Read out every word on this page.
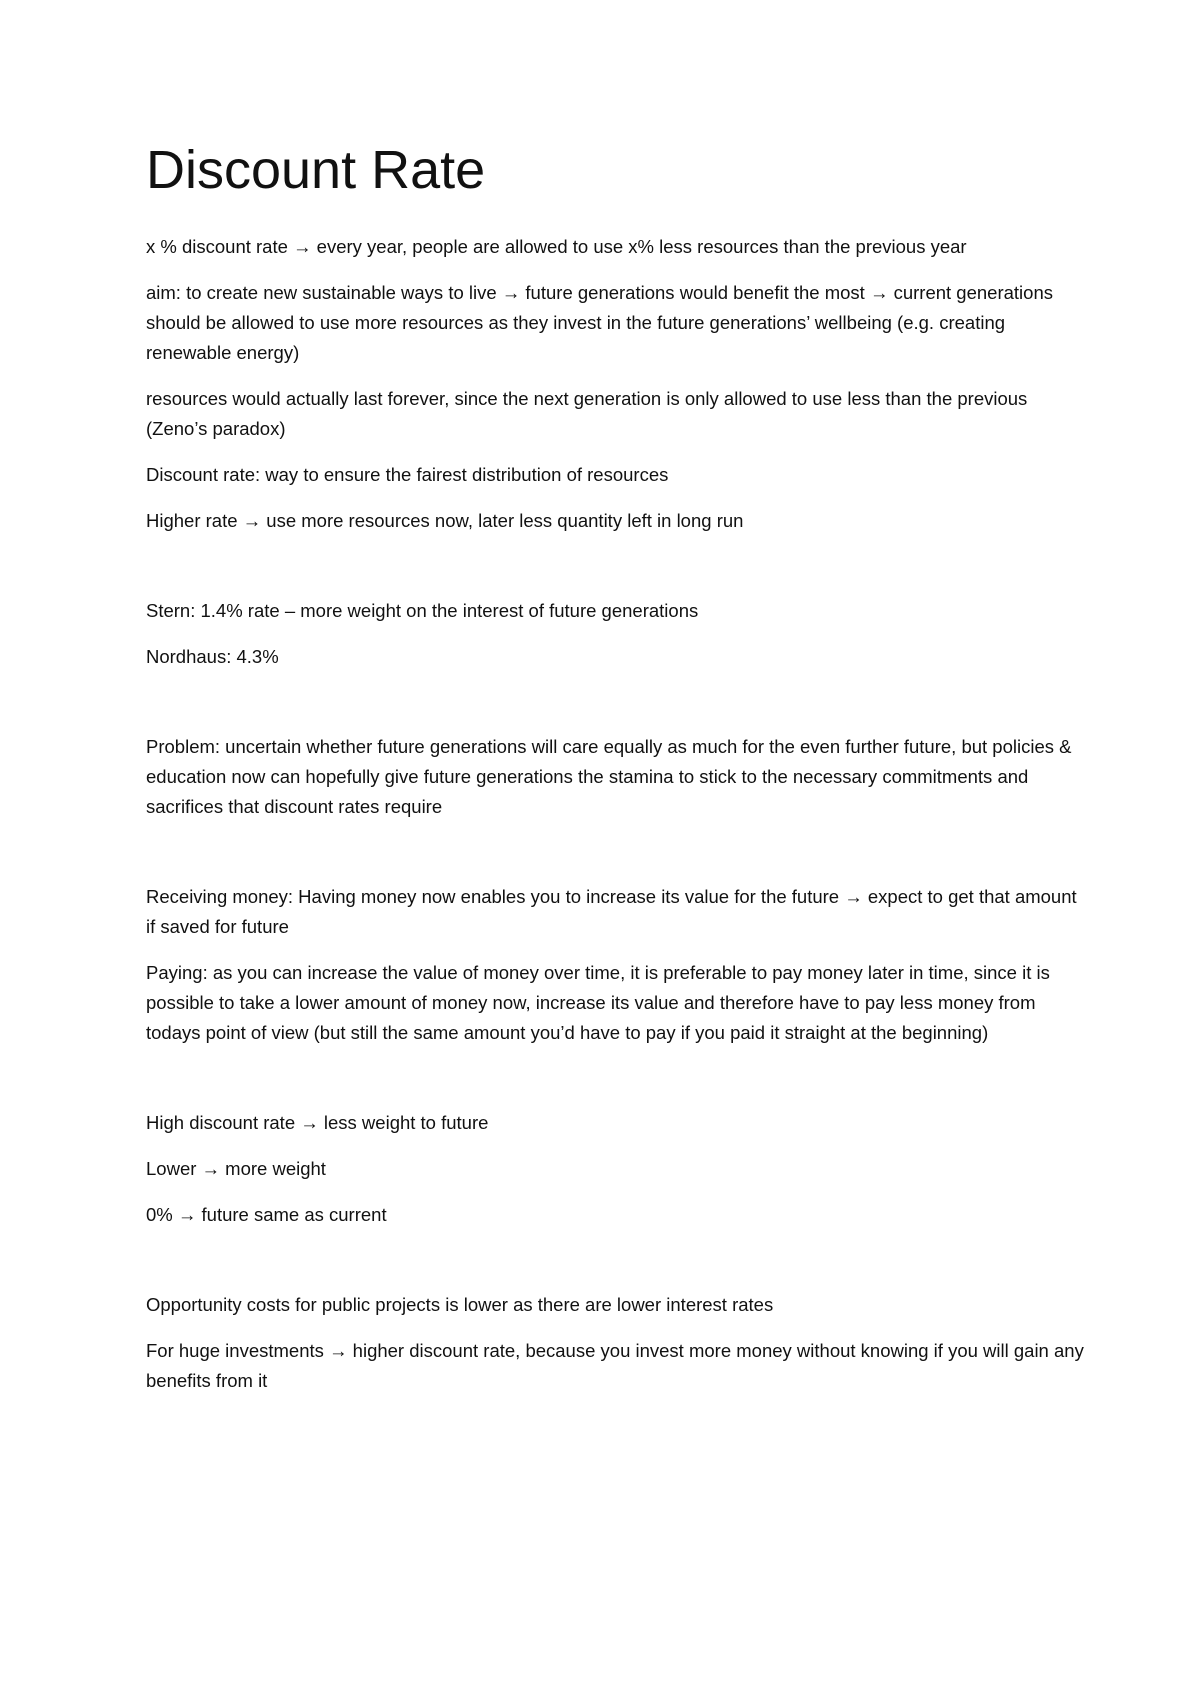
Discount Rate

x % discount rate → every year, people are allowed to use x% less resources than the previous year

aim: to create new sustainable ways to live → future generations would benefit the most → current generations should be allowed to use more resources as they invest in the future generations’ wellbeing (e.g. creating renewable energy)

resources would actually last forever, since the next generation is only allowed to use less than the previous (Zeno’s paradox)

Discount rate: way to ensure the fairest distribution of resources

Higher rate → use more resources now, later less quantity left in long run

Stern: 1.4% rate – more weight on the interest of future generations

Nordhaus: 4.3%

Problem: uncertain whether future generations will care equally as much for the even further future, but policies & education now can hopefully give future generations the stamina to stick to the necessary commitments and sacrifices that discount rates require

Receiving money: Having money now enables you to increase its value for the future → expect to get that amount if saved for future

Paying: as you can increase the value of money over time, it is preferable to pay money later in time, since it is possible to take a lower amount of money now, increase its value and therefore have to pay less money from todays point of view (but still the same amount you’d have to pay if you paid it straight at the beginning)

High discount rate → less weight to future

Lower → more weight

0% → future same as current

Opportunity costs for public projects is lower as there are lower interest rates

For huge investments → higher discount rate, because you invest more money without knowing if you will gain any benefits from it
